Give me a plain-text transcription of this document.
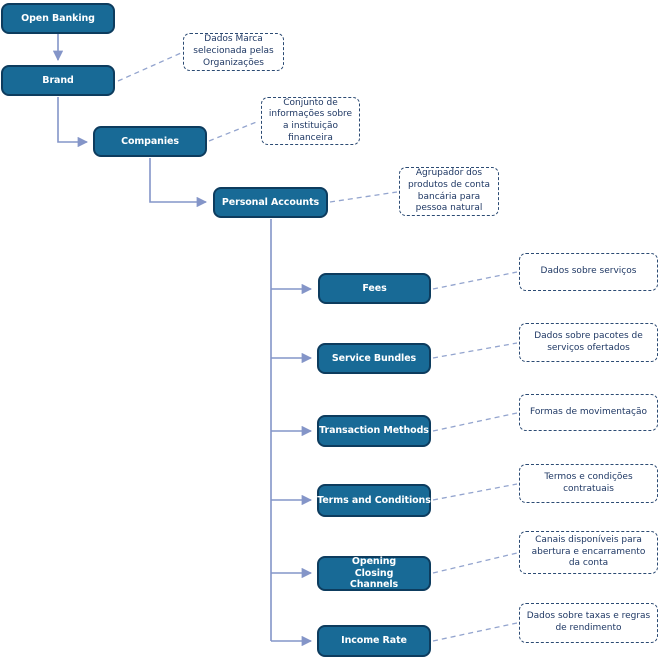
Open Banking
Brand
Companies
Personal Accounts
Fees
Service Bundles
Transaction Methods
Terms and Conditions
Opening Closing Channels
Income Rate
Dados Marca selecionada pelas Organizações
Conjunto de informações sobre a instituição financeira
Agrupador dos produtos de conta bancária para pessoa natural
Dados sobre serviços
Dados sobre pacotes de serviços ofertados
Formas de movimentação
Termos e condições contratuais
Canais disponíveis para abertura e encarramento da conta
Dados sobre taxas e regras de rendimento
